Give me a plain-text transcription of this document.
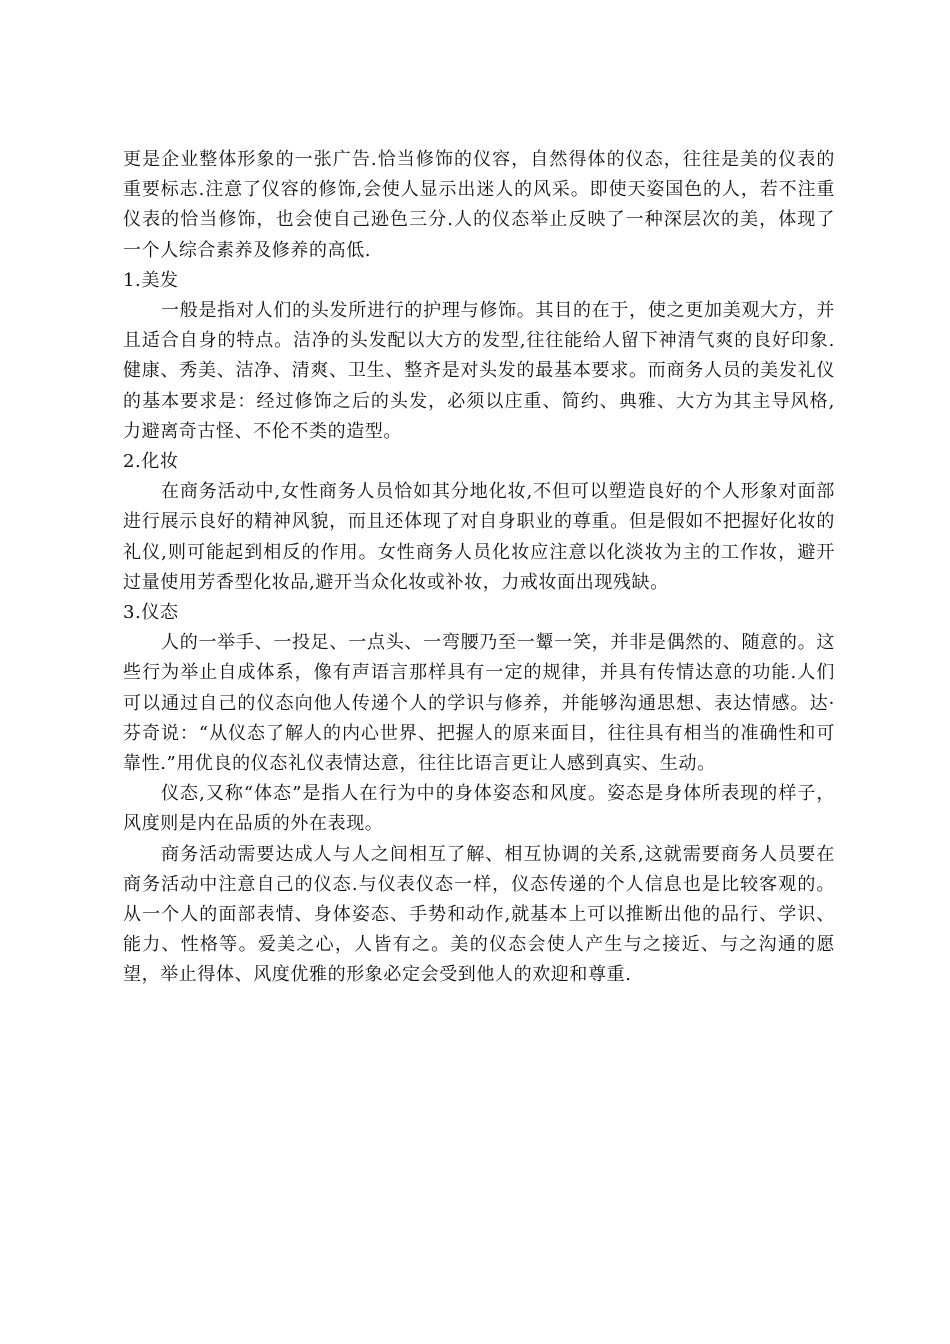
更是企业整体形象的一张广告.恰当修饰的仪容，自然得体的仪态，往往是美的仪表的重要标志.注意了仪容的修饰,会使人显示出迷人的风采。即使天姿国色的人，若不注重仪表的恰当修饰，也会使自己逊色三分.人的仪态举止反映了一种深层次的美，体现了一个人综合素养及修养的高低.

1.美发

一般是指对人们的头发所进行的护理与修饰。其目的在于，使之更加美观大方，并且适合自身的特点。洁净的头发配以大方的发型,往往能给人留下神清气爽的良好印象.健康、秀美、洁净、清爽、卫生、整齐是对头发的最基本要求。而商务人员的美发礼仪的基本要求是：经过修饰之后的头发，必须以庄重、简约、典雅、大方为其主导风格,力避离奇古怪、不伦不类的造型。

2.化妆

在商务活动中,女性商务人员恰如其分地化妆,不但可以塑造良好的个人形象对面部进行展示良好的精神风貌，而且还体现了对自身职业的尊重。但是假如不把握好化妆的礼仪,则可能起到相反的作用。女性商务人员化妆应注意以化淡妆为主的工作妆，避开过量使用芳香型化妆品,避开当众化妆或补妆，力戒妆面出现残缺。

3.仪态

人的一举手、一投足、一点头、一弯腰乃至一颦一笑，并非是偶然的、随意的。这些行为举止自成体系，像有声语言那样具有一定的规律，并具有传情达意的功能.人们可以通过自己的仪态向他人传递个人的学识与修养，并能够沟通思想、表达情感。达·芬奇说：“从仪态了解人的内心世界、把握人的原来面目，往往具有相当的准确性和可靠性.”用优良的仪态礼仪表情达意，往往比语言更让人感到真实、生动。

仪态,又称“体态”是指人在行为中的身体姿态和风度。姿态是身体所表现的样子，风度则是内在品质的外在表现。

商务活动需要达成人与人之间相互了解、相互协调的关系,这就需要商务人员要在商务活动中注意自己的仪态.与仪表仪态一样，仪态传递的个人信息也是比较客观的。从一个人的面部表情、身体姿态、手势和动作,就基本上可以推断出他的品行、学识、能力、性格等。爱美之心，人皆有之。美的仪态会使人产生与之接近、与之沟通的愿望，举止得体、风度优雅的形象必定会受到他人的欢迎和尊重.
